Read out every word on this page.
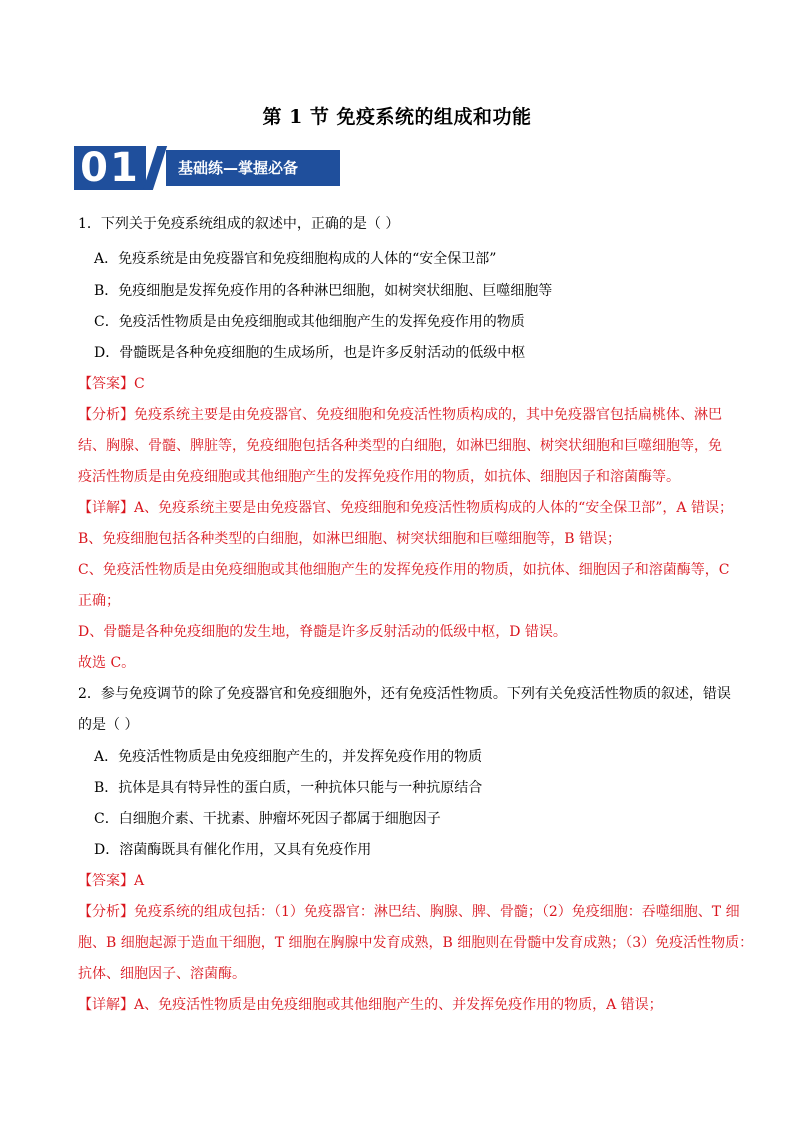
第 1 节 免疫系统的组成和功能
01	基础练—掌握必备
1．下列关于免疫系统组成的叙述中，正确的是（ ）
A．免疫系统是由免疫器官和免疫细胞构成的人体的“安全保卫部”
B．免疫细胞是发挥免疫作用的各种淋巴细胞，如树突状细胞、巨噬细胞等
C．免疫活性物质是由免疫细胞或其他细胞产生的发挥免疫作用的物质
D．骨髓既是各种免疫细胞的生成场所，也是许多反射活动的低级中枢
【答案】C
【分析】免疫系统主要是由免疫器官、免疫细胞和免疫活性物质构成的，其中免疫器官包括扁桃体、淋巴
结、胸腺、骨髓、脾脏等，免疫细胞包括各种类型的白细胞，如淋巴细胞、树突状细胞和巨噬细胞等，免
疫活性物质是由免疫细胞或其他细胞产生的发挥免疫作用的物质，如抗体、细胞因子和溶菌酶等。
【详解】A、免疫系统主要是由免疫器官、免疫细胞和免疫活性物质构成的人体的“安全保卫部”，A 错误；
B、免疫细胞包括各种类型的白细胞，如淋巴细胞、树突状细胞和巨噬细胞等，B 错误；
C、免疫活性物质是由免疫细胞或其他细胞产生的发挥免疫作用的物质，如抗体、细胞因子和溶菌酶等，C
正确；
D、骨髓是各种免疫细胞的发生地，脊髓是许多反射活动的低级中枢，D 错误。
故选 C。
2．参与免疫调节的除了免疫器官和免疫细胞外，还有免疫活性物质。下列有关免疫活性物质的叙述，错误
的是（ ）
A．免疫活性物质是由免疫细胞产生的，并发挥免疫作用的物质
B．抗体是具有特异性的蛋白质，一种抗体只能与一种抗原结合
C．白细胞介素、干扰素、肿瘤坏死因子都属于细胞因子
D．溶菌酶既具有催化作用，又具有免疫作用
【答案】A
【分析】免疫系统的组成包括：（1）免疫器官：淋巴结、胸腺、脾、骨髓；（2）免疫细胞：吞噬细胞、T 细
胞、B 细胞起源于造血干细胞，T 细胞在胸腺中发育成熟，B 细胞则在骨髓中发育成熟；（3）免疫活性物质：
抗体、细胞因子、溶菌酶。
【详解】A、免疫活性物质是由免疫细胞或其他细胞产生的、并发挥免疫作用的物质，A 错误；
